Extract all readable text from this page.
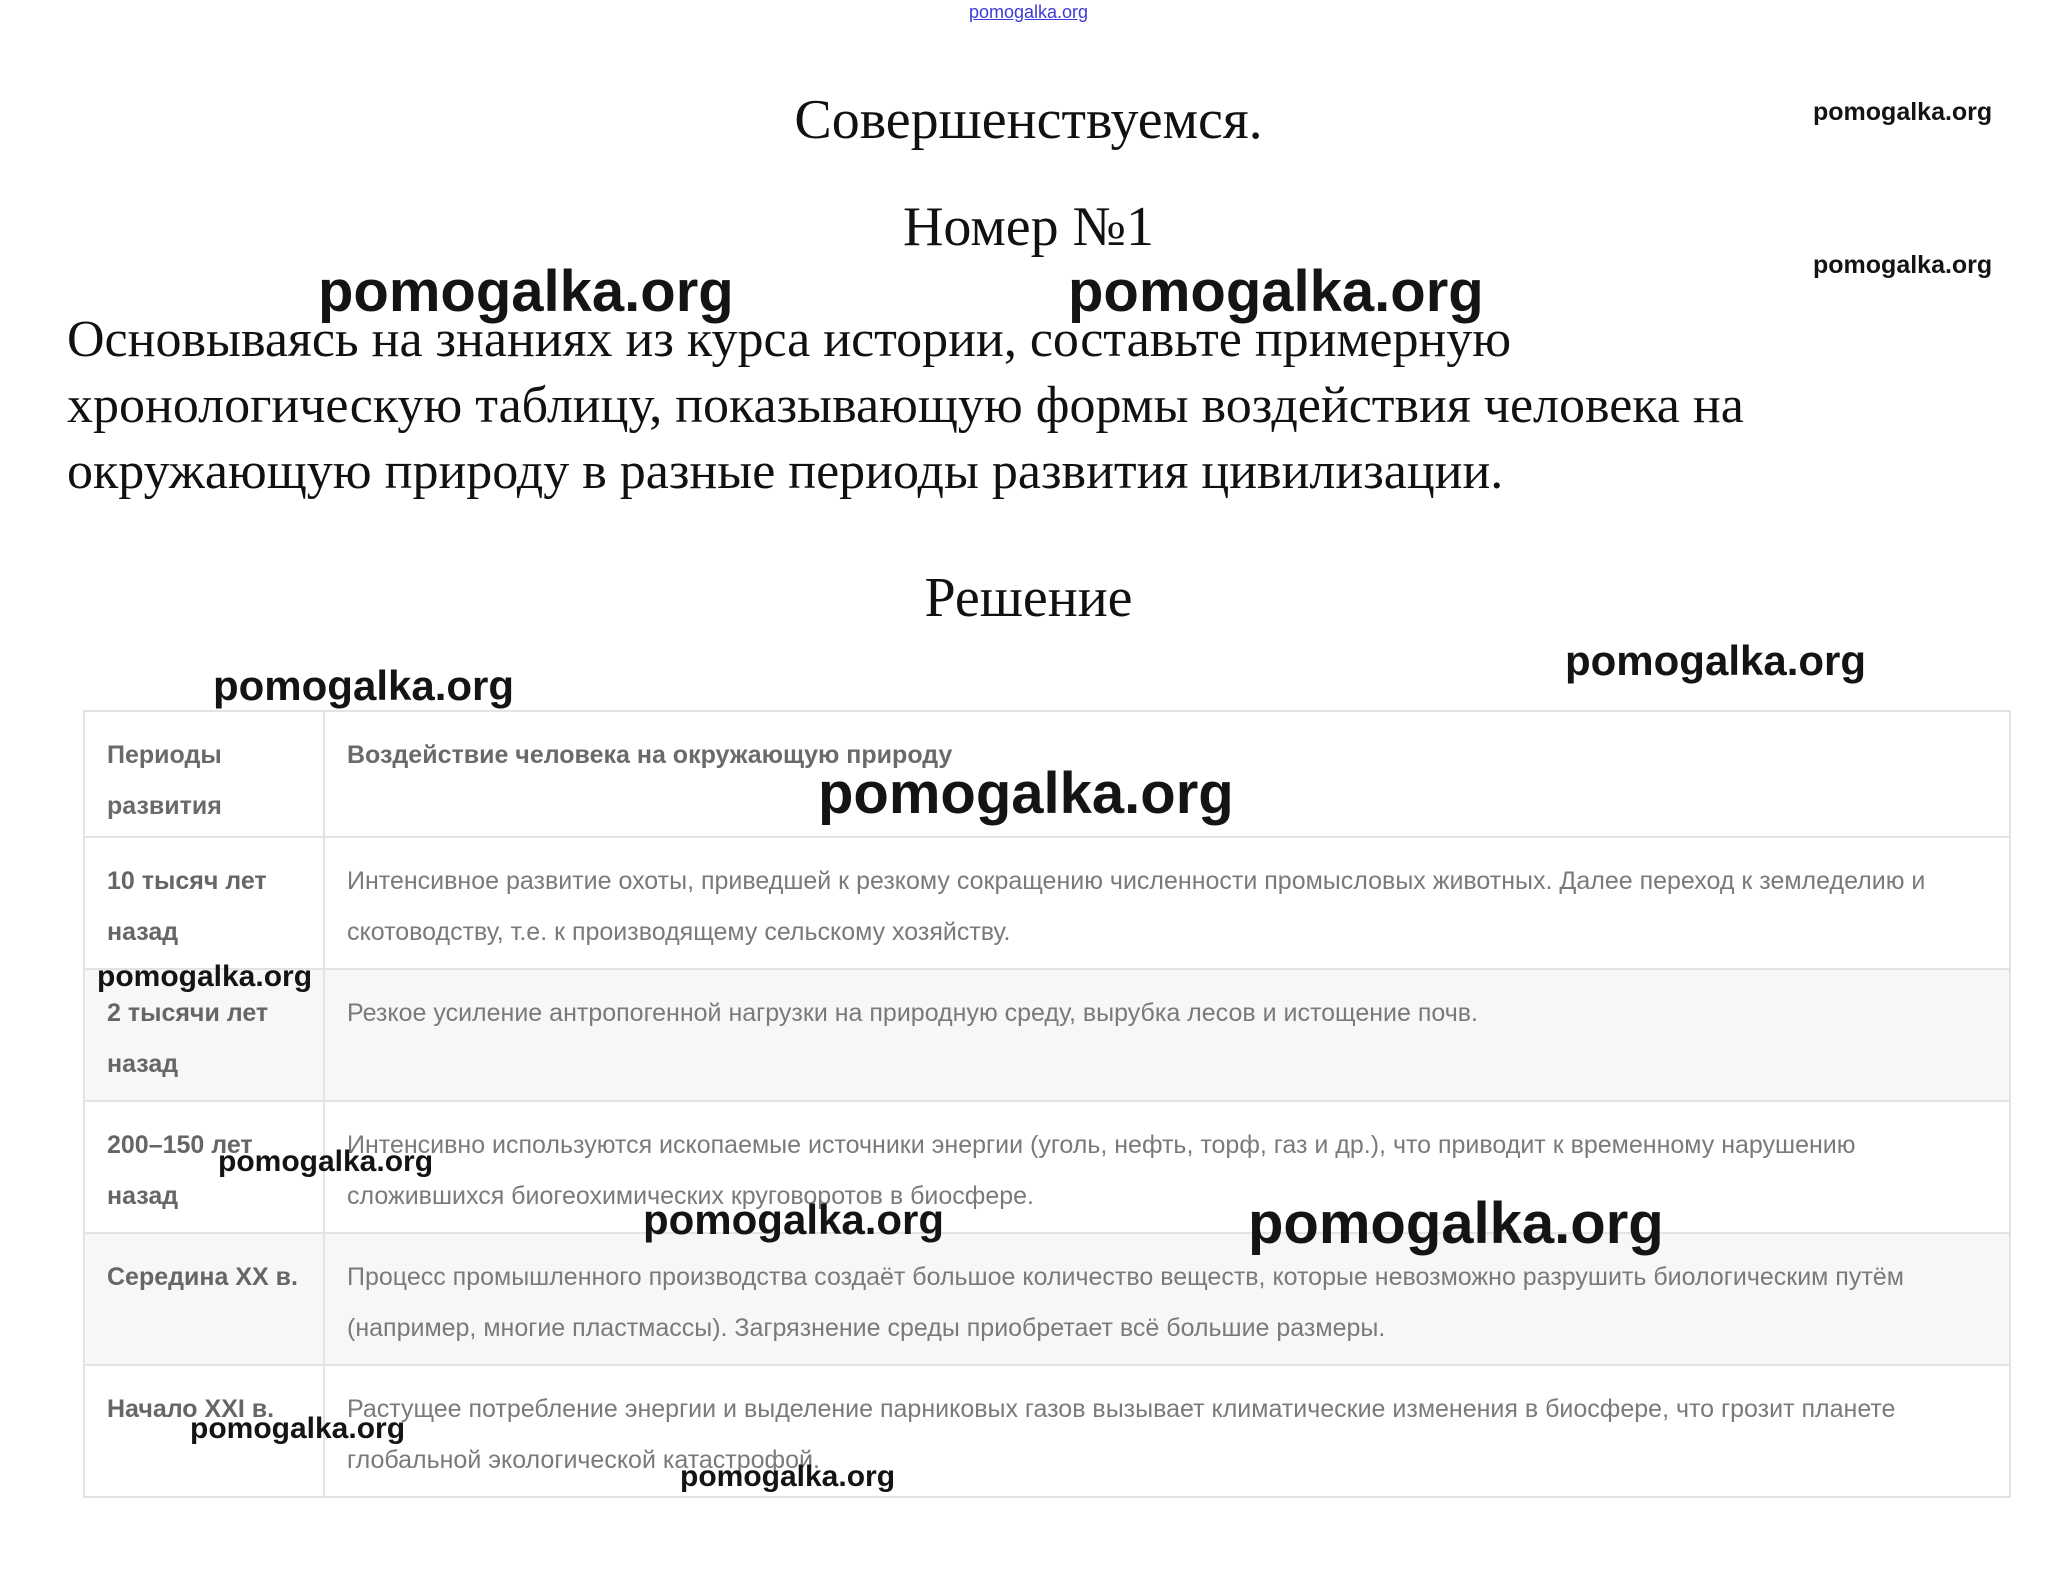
pomogalka.org
Совершенствуемся.
Номер №1
Основываясь на знаниях из курса истории, составьте примерную
хронологическую таблицу, показывающую формы воздействия человека на
окружающую природу в разные периоды развития цивилизации.
Решение
Периоды развития	Воздействие человека на окружающую природу
10 тысяч лет назад	Интенсивное развитие охоты, приведшей к резкому сокращению численности промысловых животных. Далее переход к земледелию и скотоводству, т.е. к производящему сельскому хозяйству.
2 тысячи лет назад	Резкое усиление антропогенной нагрузки на природную среду, вырубка лесов и истощение почв.
200–150 лет назад	Интенсивно используются ископаемые источники энергии (уголь, нефть, торф, газ и др.), что приводит к временному нарушению сложившихся биогеохимических круговоротов в биосфере.
Середина XX в.	Процесс промышленного производства создаёт большое количество веществ, которые невозможно разрушить биологическим путём (например, многие пластмассы). Загрязнение среды приобретает всё большие размеры.
Начало XXI в.	Растущее потребление энергии и выделение парниковых газов вызывает климатические изменения в биосфере, что грозит планете глобальной экологической катастрофой.
pomogalka.org
pomogalka.org
pomogalka.org	pomogalka.org
pomogalka.org
pomogalka.org
pomogalka.org
pomogalka.org
pomogalka.org
pomogalka.org	pomogalka.org
pomogalka.org
pomogalka.org
